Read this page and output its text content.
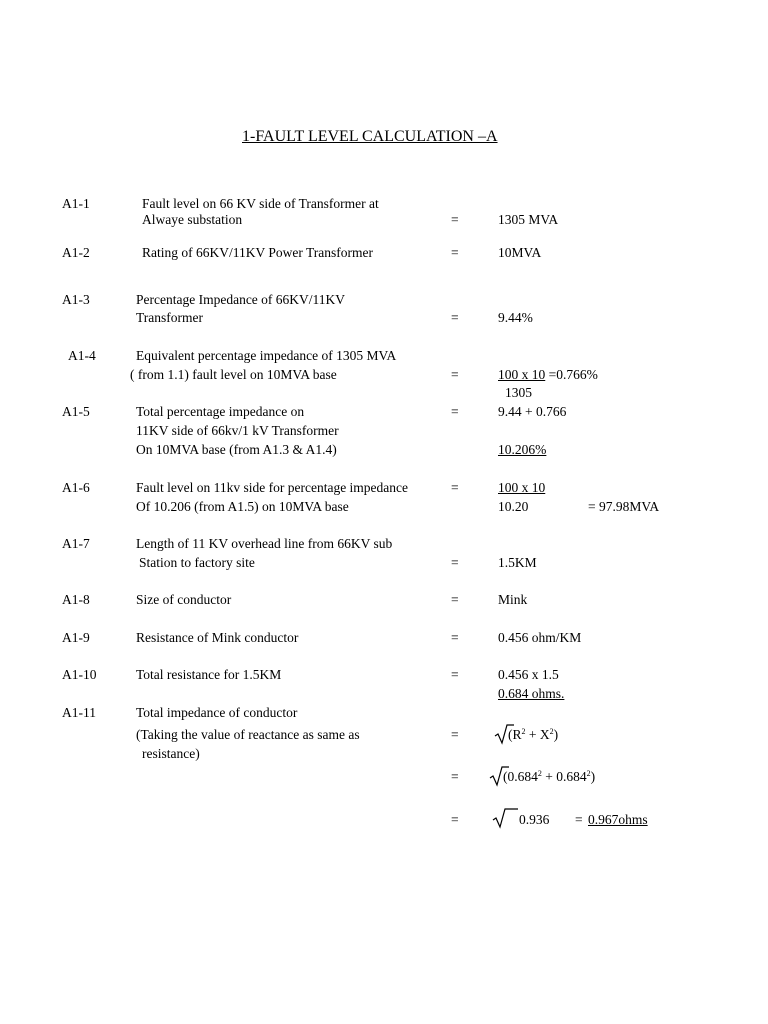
1-FAULT LEVEL CALCULATION –A
A1-1	Fault level on 66 KV side of Transformer at
Alwaye substation	=	1305 MVA
A1-2	Rating of 66KV/11KV Power Transformer	=	10MVA
A1-3	Percentage Impedance of 66KV/11KV
Transformer	=	9.44%
A1-4	Equivalent percentage impedance of 1305 MVA
( from 1.1) fault level on 10MVA base	=	100 x 10 =0.766%
1305
A1-5	Total percentage impedance on
11KV side of 66kv/1 kV Transformer
On 10MVA base (from A1.3 & A1.4)
=	9.44 + 0.766
10.206%
A1-6	Fault level on 11kv side for percentage impedance
Of 10.206 (from A1.5) on 10MVA base
=	100 x 10
10.20	= 97.98MVA
A1-7	Length of 11 KV overhead line from 66KV sub
Station to factory site	=	1.5KM
A1-8	Size of conductor	=	Mink
A1-9	Resistance of Mink conductor	=	0.456 ohm/KM
A1-10	Total resistance for 1.5KM	=	0.456 x 1.5
0.684 ohms.
A1-11	Total impedance of conductor
(Taking the value of reactance as same as
resistance)
=	$(R^2 + X^2)$
=	$(0.684^2 + 0.684^2)$
=	0.936 = 0.967ohms
